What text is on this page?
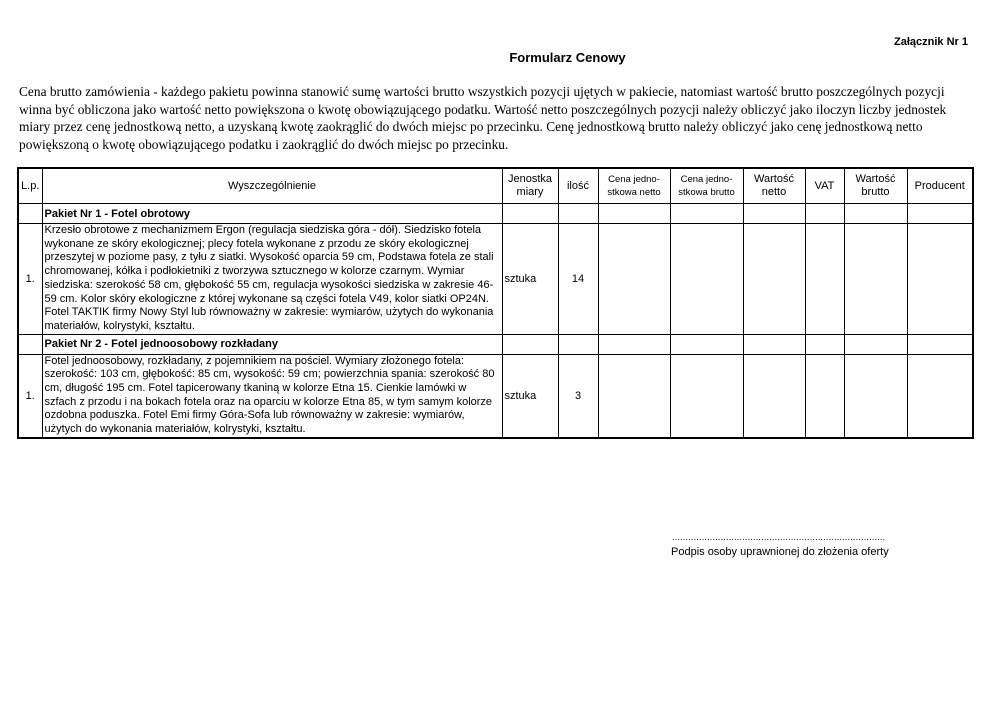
Załącznik Nr 1
Formularz Cenowy

Cena brutto zamówienia - każdego pakietu powinna stanowić sumę wartości brutto wszystkich pozycji ujętych w pakiecie, natomiast wartość brutto poszczególnych pozycji winna być obliczona jako wartość netto powiększona o kwotę obowiązującego podatku. Wartość netto poszczególnych pozycji należy obliczyć jako iloczyn liczby jednostek miary przez cenę jednostkową netto, a uzyskaną kwotę zaokrąglić do dwóch miejsc po przecinku. Cenę jednostkową brutto należy obliczyć jako cenę jednostkową netto powiększoną o kwotę obowiązującego podatku i zaokrąglić do dwóch miejsc po przecinku.

L.p.	Wyszczególnienie	Jenostka miary	ilość	Cena jedno-stkowa netto	Cena jedno-stkowa brutto	Wartość netto	VAT	Wartość brutto	Producent
	Pakiet Nr 1 - Fotel obrotowy								
1.	Krzesło obrotowe z mechanizmem Ergon (regulacja siedziska góra - dół). Siedzisko fotela wykonane ze skóry ekologicznej; plecy fotela wykonane z przodu ze skóry ekologicznej przeszytej w poziome pasy, z tyłu z siatki. Wysokość oparcia 59 cm, Podstawa fotela ze stali chromowanej, kółka i podłokietniki z tworzywa sztucznego w kolorze czarnym. Wymiar siedziska: szerokość 58 cm, głębokość 55 cm, regulacja wysokości siedziska w zakresie 46-59 cm. Kolor skóry ekologiczne z której wykonane są części fotela V49, kolor siatki OP24N. Fotel TAKTIK firmy Nowy Styl lub równoważny w zakresie: wymiarów, użytych do wykonania materiałów, kolrystyki, kształtu.	sztuka	14						
	Pakiet Nr 2 - Fotel jednoosobowy rozkładany								
1.	Fotel jednoosobowy, rozkładany, z pojemnikiem na pościel. Wymiary złożonego fotela: szerokość: 103 cm, głębokość: 85 cm, wysokość: 59 cm; powierzchnia spania: szerokość 80 cm, długość 195 cm. Fotel tapicerowany tkaniną w kolorze Etna 15. Cienkie lamówki w szfach z przodu i na bokach fotela oraz na oparciu w kolorze Etna 85, w tym samym kolorze ozdobna poduszka. Fotel Emi firmy Góra-Sofa lub równoważny w zakresie: wymiarów, użytych do wykonania materiałów, kolrystyki, kształtu.	sztuka	3						
...............................................................................
Podpis osoby uprawnionej do złożenia oferty
